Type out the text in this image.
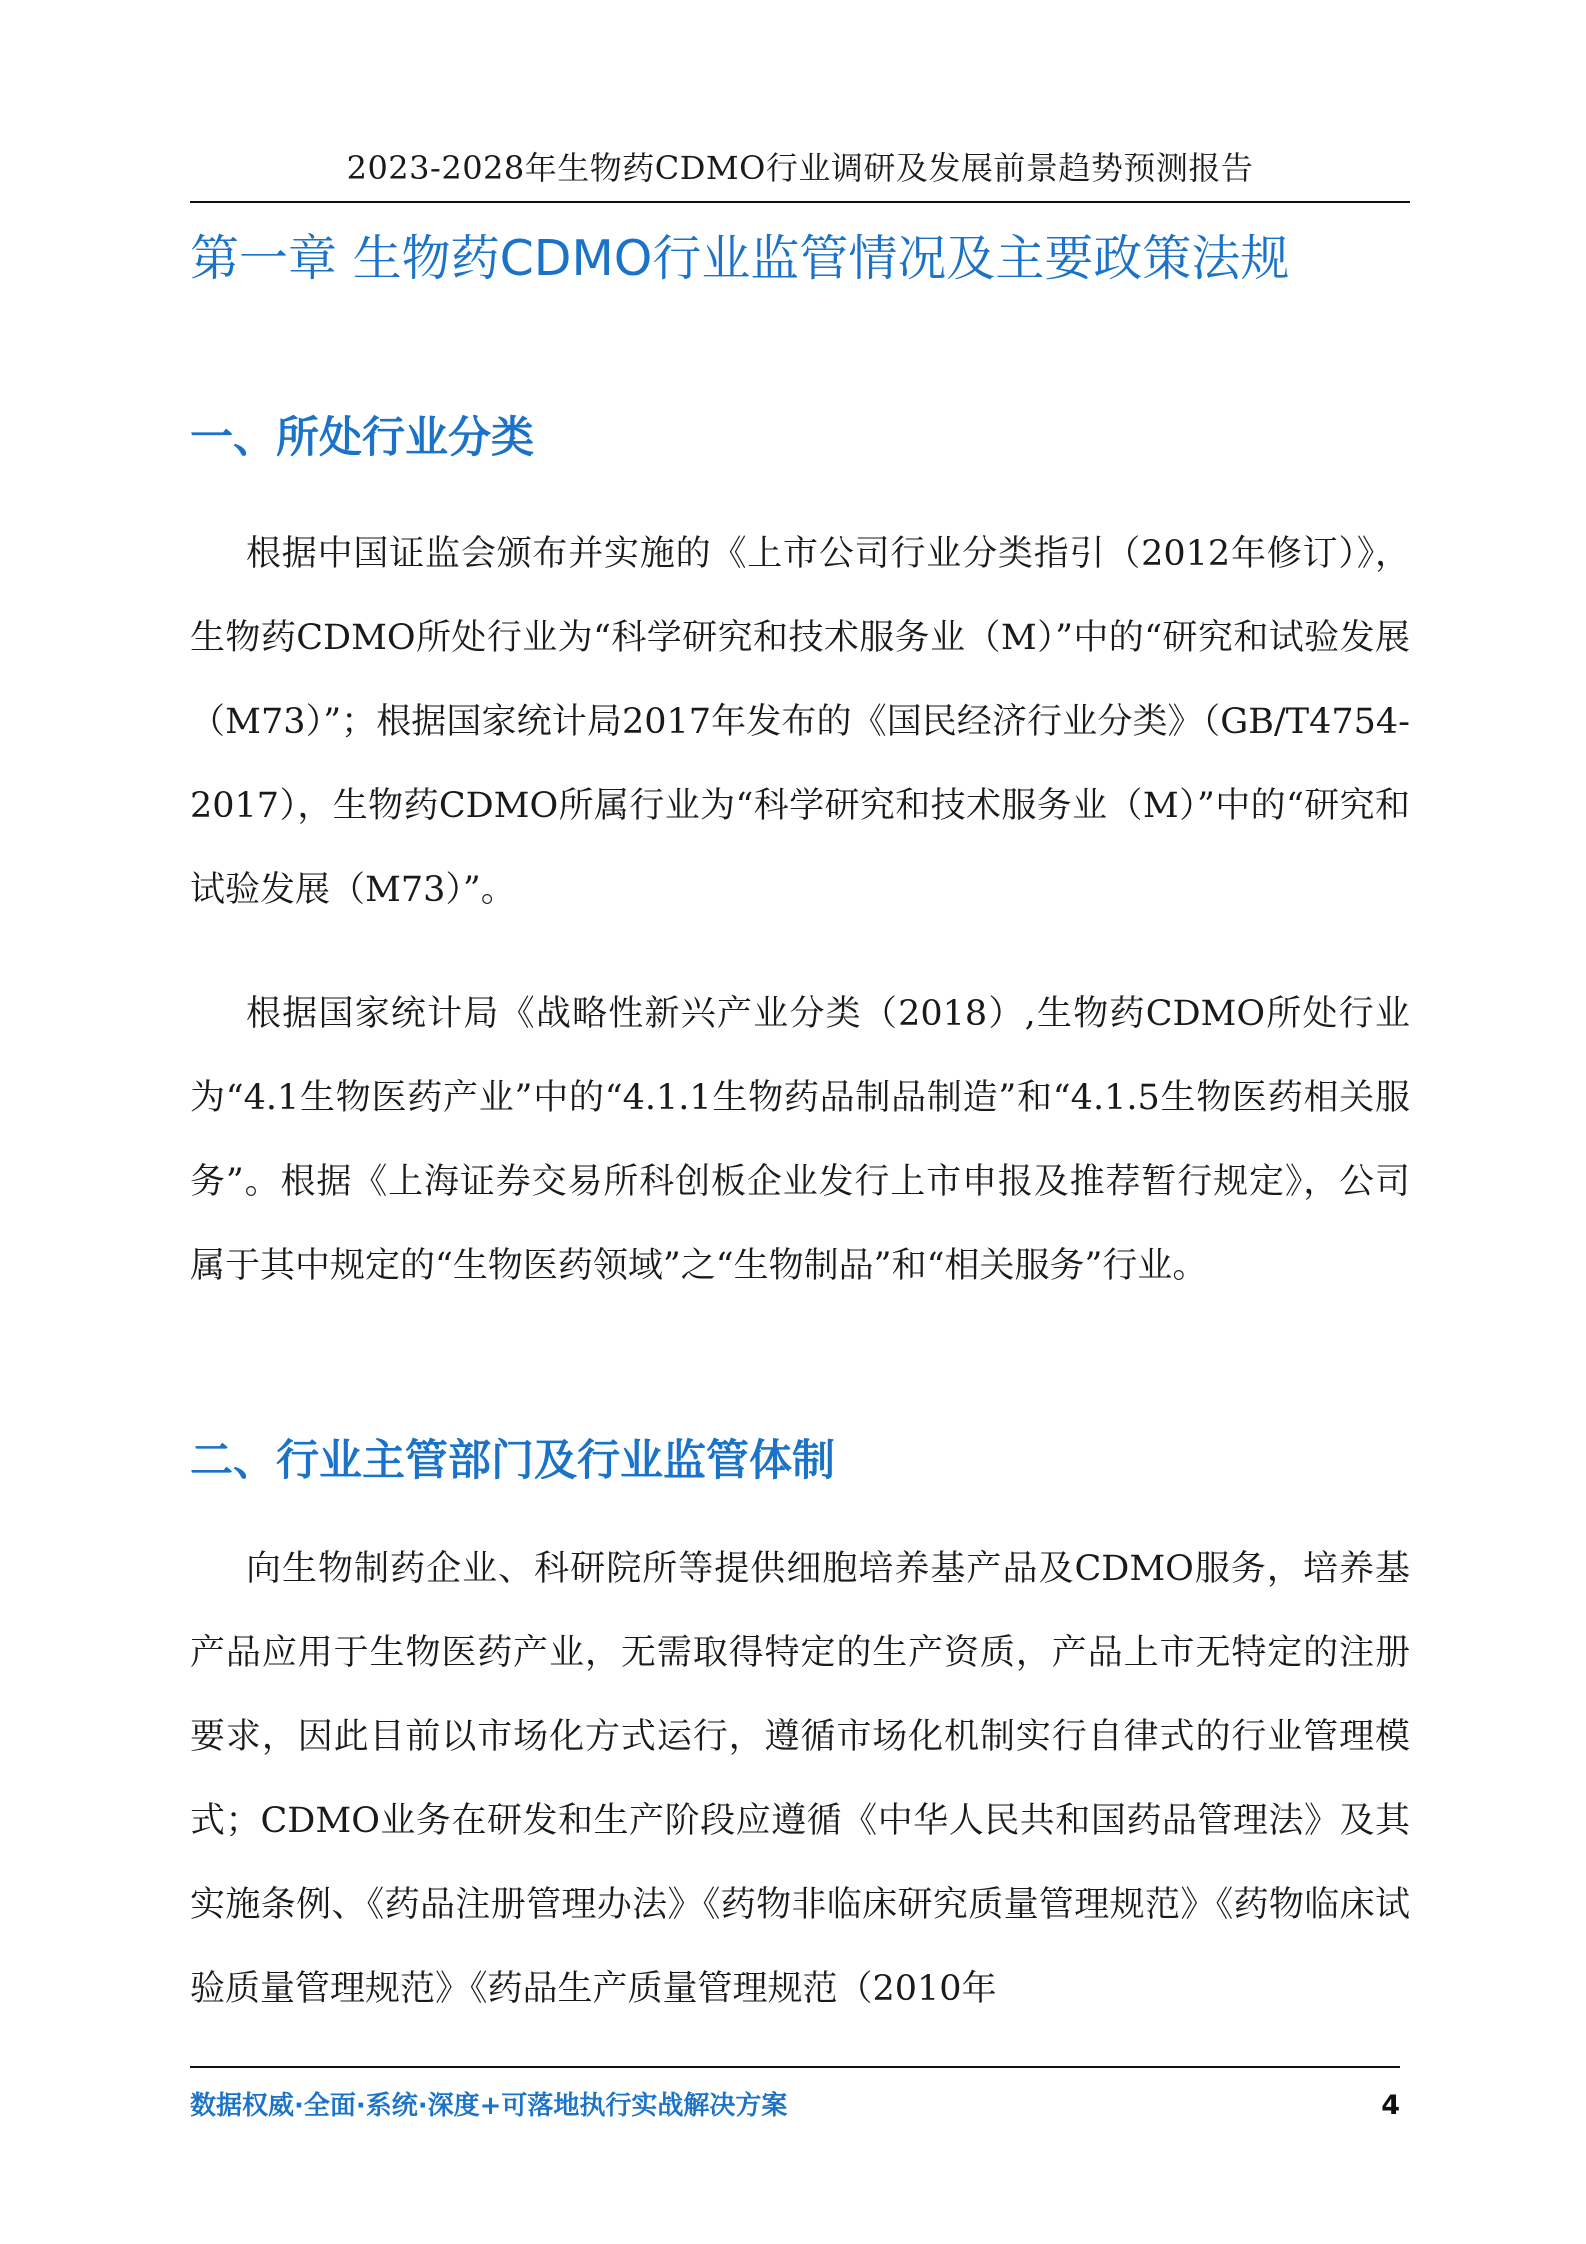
2023-2028年生物药CDMO行业调研及发展前景趋势预测报告
第一章 生物药CDMO行业监管情况及主要政策法规
一、所处行业分类

根据中国证监会颁布并实施的《上市公司行业分类指引（2012年修订）》，生物药CDMO所处行业为“科学研究和技术服务业（M）”中的“研究和试验发展（M73）”；根据国家统计局2017年发布的《国民经济行业分类》（GB/T4754-2017），生物药CDMO所属行业为“科学研究和技术服务业（M）”中的“研究和试验发展（M73）”。

根据国家统计局《战略性新兴产业分类（2018）,生物药CDMO所处行业为“4.1生物医药产业”中的“4.1.1生物药品制品制造”和“4.1.5生物医药相关服务”。根据《上海证券交易所科创板企业发行上市申报及推荐暂行规定》，公司属于其中规定的“生物医药领域”之“生物制品”和“相关服务”行业。

二、行业主管部门及行业监管体制

向生物制药企业、科研院所等提供细胞培养基产品及CDMO服务，培养基产品应用于生物医药产业，无需取得特定的生产资质，产品上市无特定的注册要求，因此目前以市场化方式运行，遵循市场化机制实行自律式的行业管理模式；CDMO业务在研发和生产阶段应遵循《中华人民共和国药品管理法》及其实施条例、《药品注册管理办法》《药物非临床研究质量管理规范》《药物临床试验质量管理规范》《药品生产质量管理规范（2010年

数据权威·全面·系统·深度+可落地执行实战解决方案	4
